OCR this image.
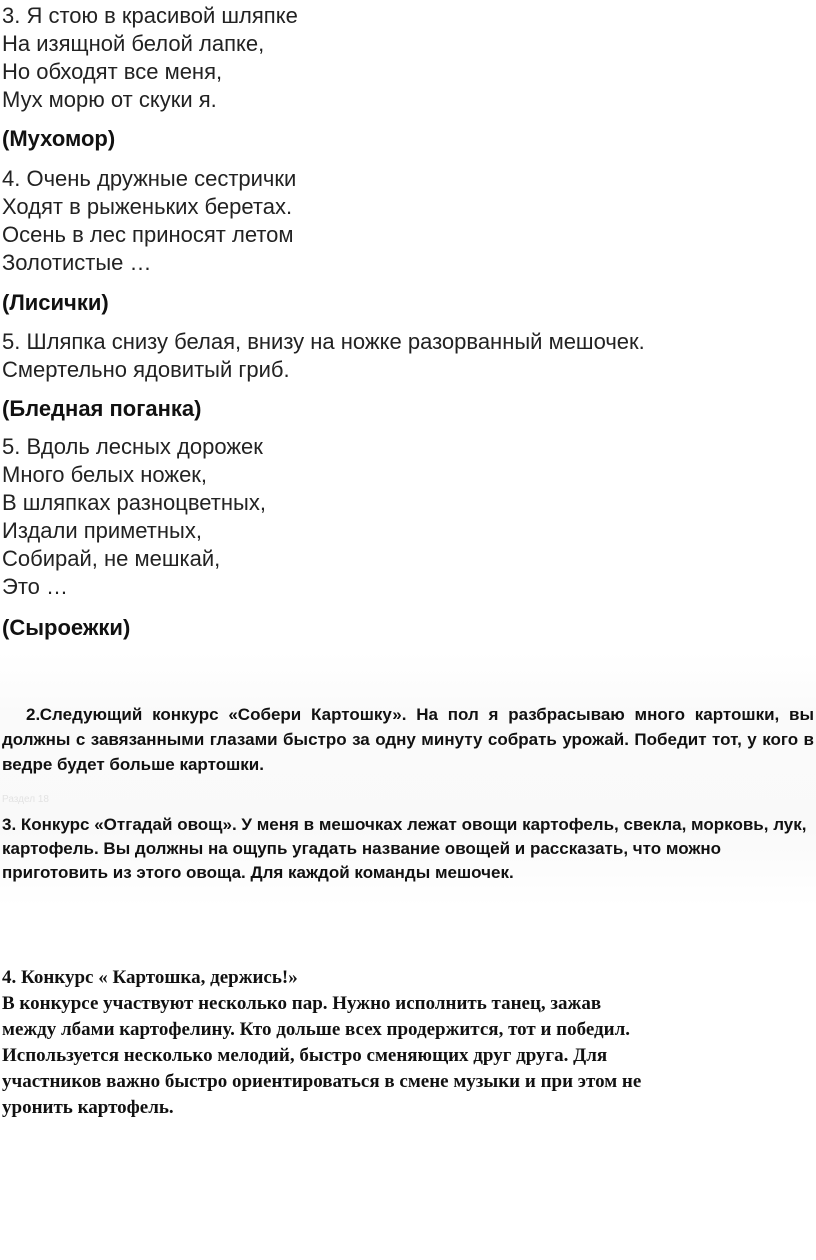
3. Я стою в красивой шляпке
На изящной белой лапке,
Но обходят все меня,
Мух морю от скуки я.
(Мухомор)
4. Очень дружные сестрички
Ходят в рыженьких беретах.
Осень в лес приносят летом
Золотистые …
(Лисички)
5. Шляпка снизу белая, внизу на ножке разорванный мешочек.
Смертельно ядовитый гриб.
(Бледная поганка)
5. Вдоль лесных дорожек
Много белых ножек,
В шляпках разноцветных,
Издали приметных,
Собирай, не мешкай,
Это …
(Сыроежки)
2. Следующий конкурс «Собери Картошку». На пол я разбрасываю много картошки, вы должны с завязанными глазами быстро за одну минуту собрать урожай. Победит тот, у кого в ведре будет больше картошки.
Раздел 18
3. Конкурс «Отгадай овощ». У меня в мешочках лежат овощи картофель, свекла, морковь, лук, картофель. Вы должны на ощупь угадать название овощей и рассказать, что можно приготовить из этого овоща. Для каждой команды мешочек.
4. Конкурс « Картошка, держись!»
В конкурсе участвуют несколько пар. Нужно исполнить танец, зажав
между лбами картофелину. Кто дольше всех продержится, тот и победил.
Используется несколько мелодий, быстро сменяющих друг друга. Для
участников важно быстро ориентироваться в смене музыки и при этом не
уронить картофель.
